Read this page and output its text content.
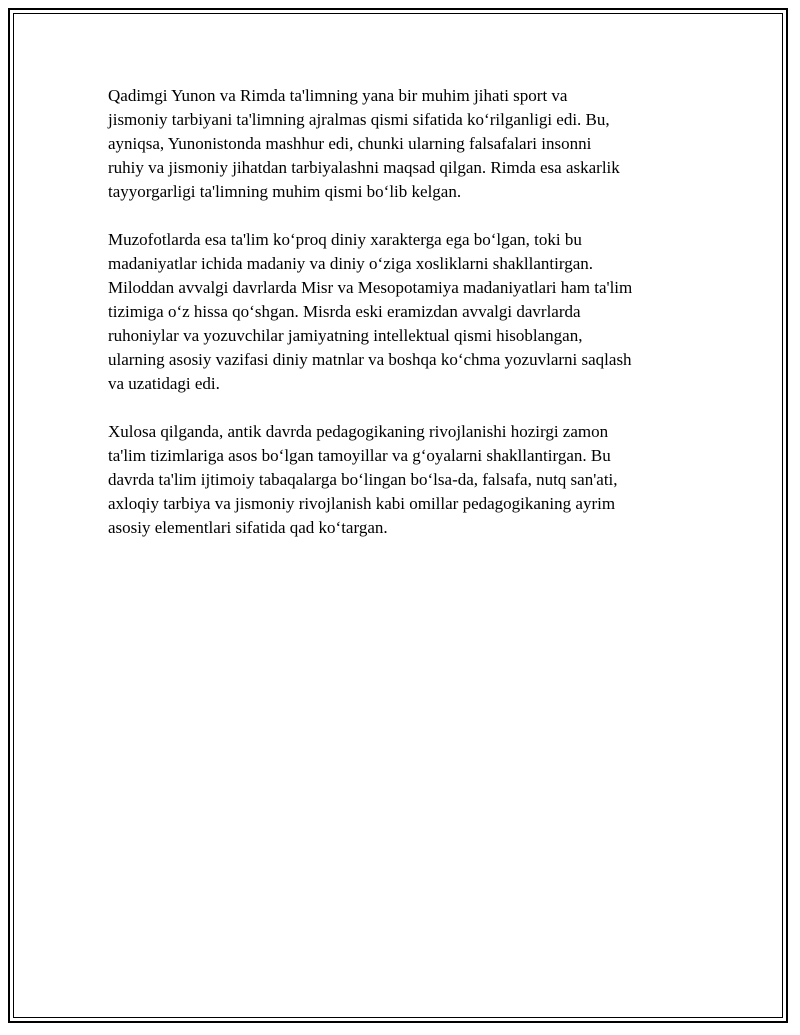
Qadimgi Yunon va Rimda ta'limning yana bir muhim jihati sport va
jismoniy tarbiyani ta'limning ajralmas qismi sifatida ko‘rilganligi edi. Bu,
ayniqsa, Yunonistonda mashhur edi, chunki ularning falsafalari insonni
ruhiy va jismoniy jihatdan tarbiyalashni maqsad qilgan. Rimda esa askarlik
tayyorgarligi ta'limning muhim qismi bo‘lib kelgan.
Muzofotlarda esa ta'lim ko‘proq diniy xarakterga ega bo‘lgan, toki bu
madaniyatlar ichida madaniy va diniy o‘ziga xosliklarni shakllantirgan.
Miloddan avvalgi davrlarda Misr va Mesopotamiya madaniyatlari ham ta'lim
tizimiga o‘z hissa qo‘shgan. Misrda eski eramizdan avvalgi davrlarda
ruhoniylar va yozuvchilar jamiyatning intellektual qismi hisoblangan,
ularning asosiy vazifasi diniy matnlar va boshqa ko‘chma yozuvlarni saqlash
va uzatidagi edi.
Xulosa qilganda, antik davrda pedagogikaning rivojlanishi hozirgi zamon
ta'lim tizimlariga asos bo‘lgan tamoyillar va g‘oyalarni shakllantirgan. Bu
davrda ta'lim ijtimoiy tabaqalarga bo‘lingan bo‘lsa-da, falsafa, nutq san'ati,
axloqiy tarbiya va jismoniy rivojlanish kabi omillar pedagogikaning ayrim
asosiy elementlari sifatida qad ko‘targan.
